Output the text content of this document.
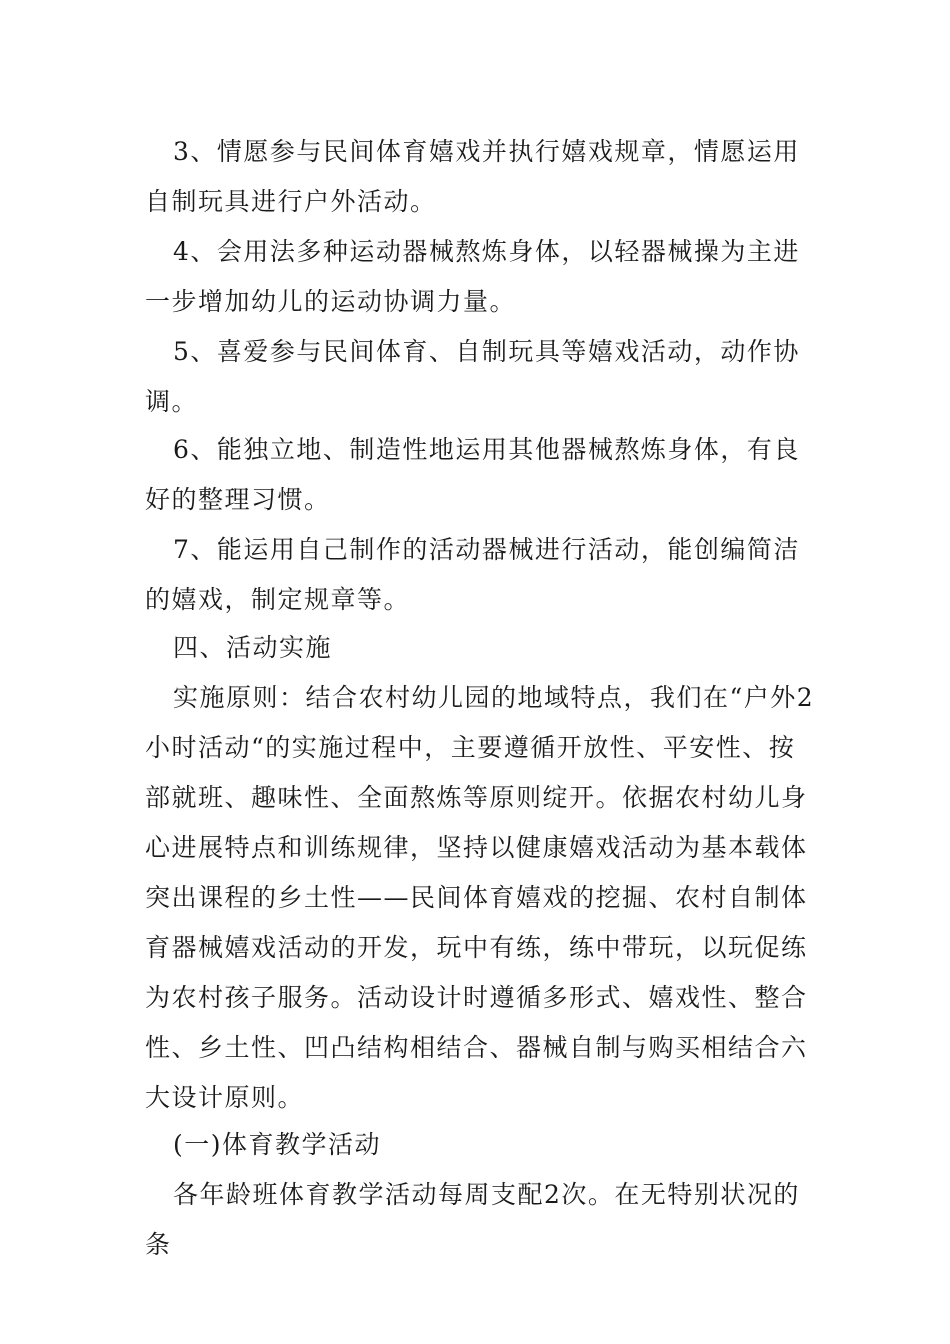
3、情愿参与民间体育嬉戏并执行嬉戏规章，情愿运用自制玩具进行户外活动。

4、会用法多种运动器械熬炼身体，以轻器械操为主进一步增加幼儿的运动协调力量。

5、喜爱参与民间体育、自制玩具等嬉戏活动，动作协调。

6、能独立地、制造性地运用其他器械熬炼身体，有良好的整理习惯。

7、能运用自己制作的活动器械进行活动，能创编简洁的嬉戏，制定规章等。

四、活动实施

实施原则：结合农村幼儿园的地域特点，我们在“户外2小时活动“的实施过程中，主要遵循开放性、平安性、按部就班、趣味性、全面熬炼等原则绽开。依据农村幼儿身心进展特点和训练规律，坚持以健康嬉戏活动为基本载体突出课程的乡土性——民间体育嬉戏的挖掘、农村自制体育器械嬉戏活动的开发，玩中有练，练中带玩，以玩促练为农村孩子服务。活动设计时遵循多形式、嬉戏性、整合性、乡土性、凹凸结构相结合、器械自制与购买相结合六大设计原则。

(一)体育教学活动

各年龄班体育教学活动每周支配2次。在无特别状况的条
